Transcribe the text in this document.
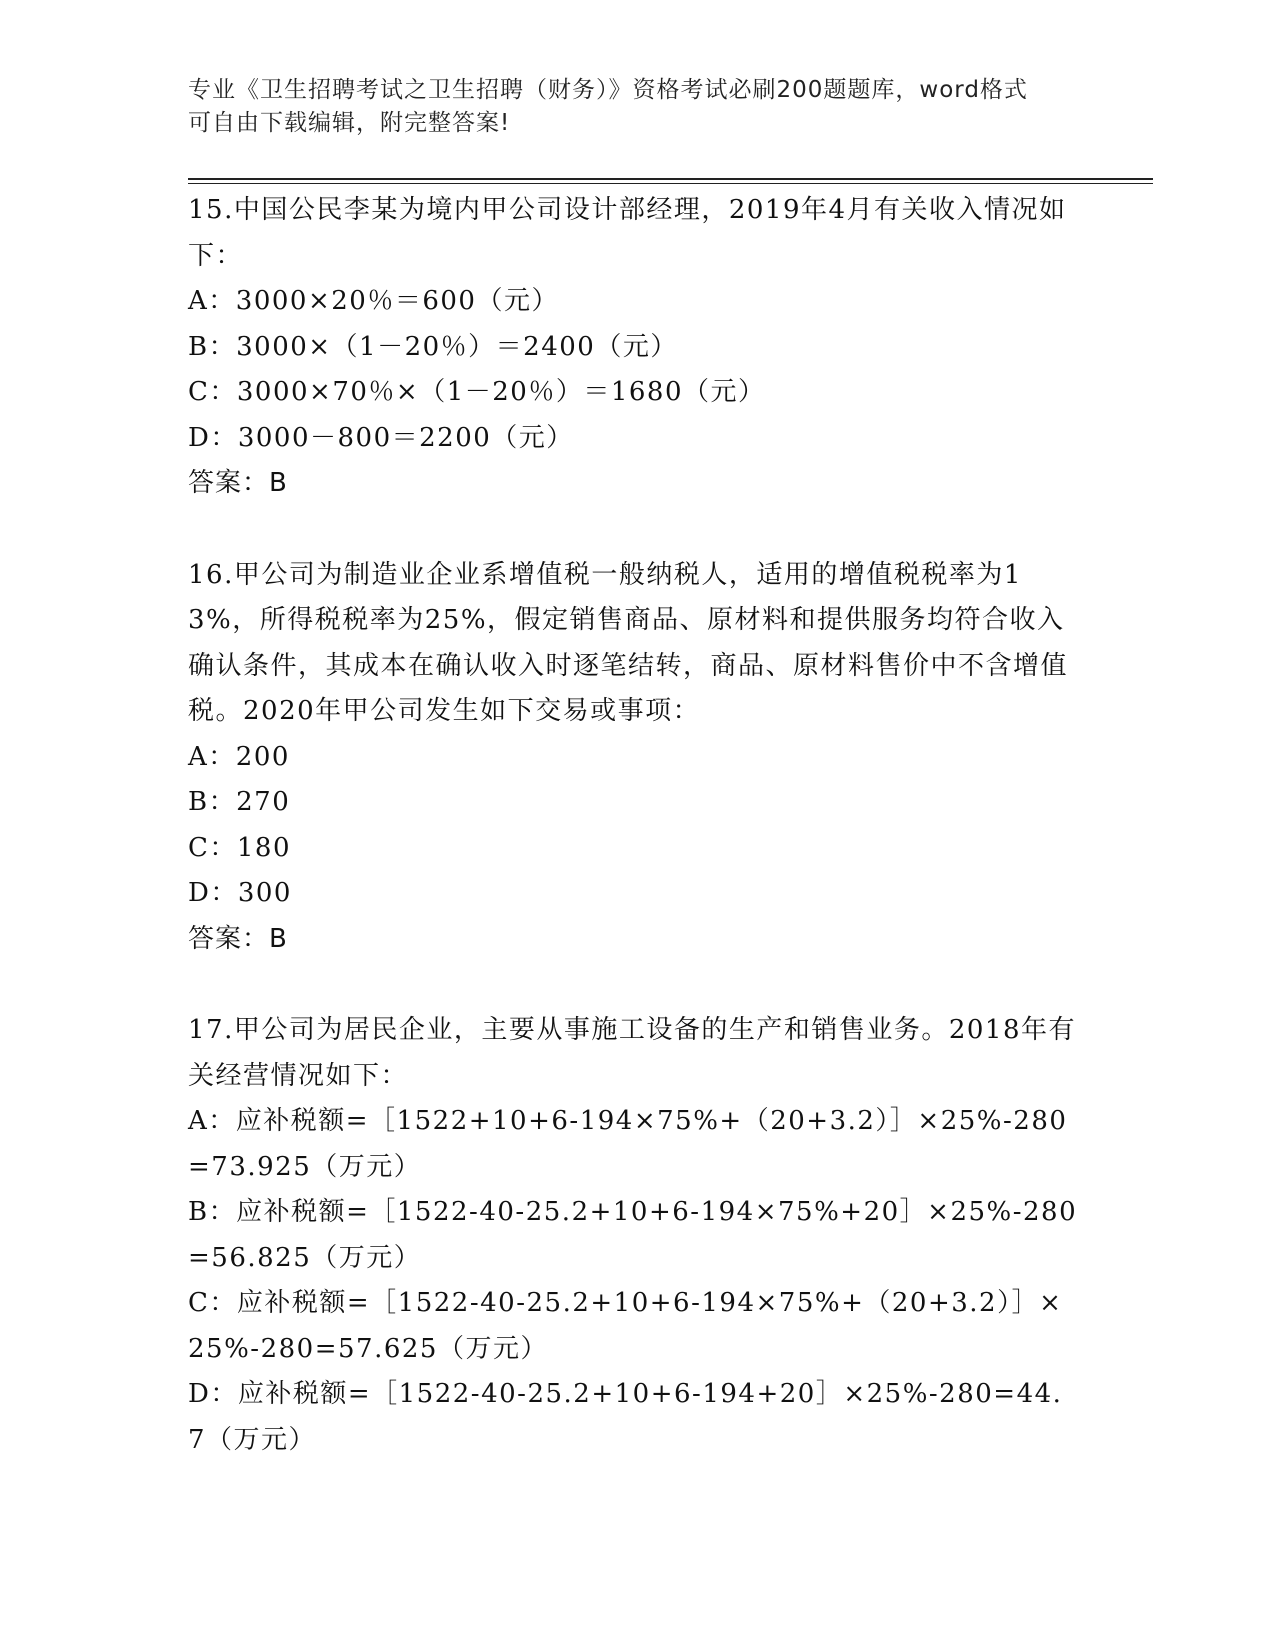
专业《卫生招聘考试之卫生招聘（财务）》资格考试必刷200题题库，word格式
可自由下载编辑，附完整答案!
15.中国公民李某为境内甲公司设计部经理，2019年4月有关收入情况如下：
A：3000×20％＝600（元）
B：3000×（1－20％）＝2400（元）
C：3000×70％×（1－20％）＝1680（元）
D：3000－800＝2200（元）
答案：B
16.甲公司为制造业企业系增值税一般纳税人，适用的增值税税率为13%，所得税税率为25%，假定销售商品、原材料和提供服务均符合收入确认条件，其成本在确认收入时逐笔结转，商品、原材料售价中不含增值税。2020年甲公司发生如下交易或事项：
A：200
B：270
C：180
D：300
答案：B
17.甲公司为居民企业，主要从事施工设备的生产和销售业务。2018年有关经营情况如下：
A：应补税额=［1522+10+6-194×75%+（20+3.2）］×25%-280=73.925（万元）
B：应补税额=［1522-40-25.2+10+6-194×75%+20］×25%-280=56.825（万元）
C：应补税额=［1522-40-25.2+10+6-194×75%+（20+3.2）］×25%-280=57.625（万元）
D：应补税额=［1522-40-25.2+10+6-194+20］×25%-280=44.7（万元）
